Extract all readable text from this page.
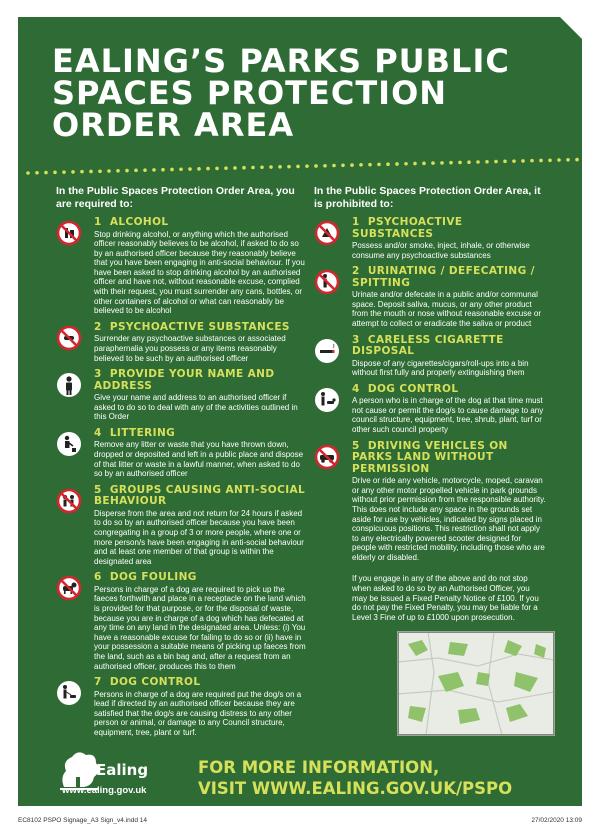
EALING’S PARKS PUBLIC SPACES PROTECTION ORDER AREA

In the Public Spaces Protection Order Area, you are required to:

1 ALCOHOL

Stop drinking alcohol, or anything which the authorised officer reasonably believes to be alcohol, if asked to do so by an authorised officer because they reasonably believe that you have been engaging in anti-social behaviour. If you have been asked to stop drinking alcohol by an authorised officer and have not, without reasonable excuse, complied with their request, you must surrender any cans, bottles, or other containers of alcohol or what can reasonably be believed to be alcohol

2 PSYCHOACTIVE SUBSTANCES

Surrender any psychoactive substances or associated paraphernalia you possess or any items reasonably believed to be such by an authorised officer

3 PROVIDE YOUR NAME AND ADDRESS

Give your name and address to an authorised officer if asked to do so to deal with any of the activities outlined in this Order

4 LITTERING

Remove any litter or waste that you have thrown down, dropped or deposited and left in a public place and dispose of that litter or waste in a lawful manner, when asked to do so by an authorised officer

5 GROUPS CAUSING ANTI-SOCIAL BEHAVIOUR

Disperse from the area and not return for 24 hours if asked to do so by an authorised officer because you have been congregating in a group of 3 or more people, where one or more person/s have been engaging in anti-social behaviour and at least one member of that group is within the designated area

6 DOG FOULING

Persons in charge of a dog are required to pick up the faeces forthwith and place in a receptacle on the land which is provided for that purpose, or for the disposal of waste, because you are in charge of a dog which has defecated at any time on any land in the designated area. Unless: (i) You have a reasonable excuse for failing to do so or (ii) have in your possession a suitable means of picking up faeces from the land, such as a bin bag and, after a request from an authorised officer, produces this to them

7 DOG CONTROL

Persons in charge of a dog are required put the dog/s on a lead if directed by an authorised officer because they are satisfied that the dog/s are causing distress to any other person or animal, or damage to any Council structure, equipment, tree, plant or turf.

In the Public Spaces Protection Order Area, it is prohibited to:

1 PSYCHOACTIVE SUBSTANCES

Possess and/or smoke, inject, inhale, or otherwise consume any psychoactive substances

2 URINATING / DEFECATING / SPITTING

Urinate and/or defecate in a public and/or communal space. Deposit saliva, mucus, or any other product from the mouth or nose without reasonable excuse or attempt to collect or eradicate the saliva or product

3 CARELESS CIGARETTE DISPOSAL

Dispose of any cigarettes/cigars/roll-ups into a bin without first fully and properly extinguishing them

4 DOG CONTROL

A person who is in charge of the dog at that time must not cause or permit the dog/s to cause damage to any council structure, equipment, tree, shrub, plant, turf or other such council property

5 DRIVING VEHICLES ON PARKS LAND WITHOUT PERMISSION

Drive or ride any vehicle, motorcycle, moped, caravan or any other motor propelled vehicle in park grounds without prior permission from the responsible authority. This does not include any space in the grounds set aside for use by vehicles, indicated by signs placed in conspicuous positions. This restriction shall not apply to any electrically powered scooter designed for people with restricted mobility, including those who are elderly or disabled.

If you engage in any of the above and do not stop when asked to do so by an Authorised Officer, you may be issued a Fixed Penalty Notice of £100. If you do not pay the Fixed Penalty, you may be liable for a Level 3 Fine of up to £1000 upon prosecution.

Ealing
www.ealing.gov.uk

FOR MORE INFORMATION,
VISIT WWW.EALING.GOV.UK/PSPO

EC8102 PSPO Signage_A3 Sign_v4.indd 14	27/02/2020 13:09
